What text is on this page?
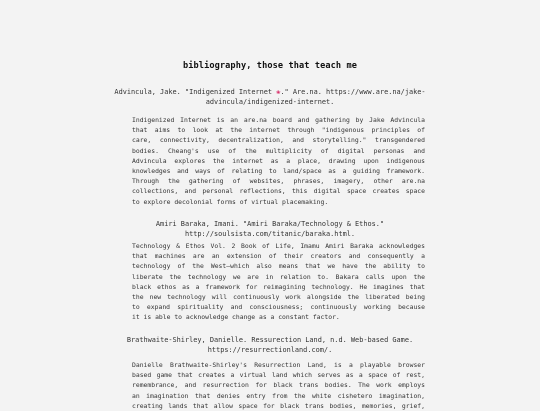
bibliography, those that teach me
Advincula, Jake. "Indigenized Internet ❀." Are.na. https://www.are.na/jake-
advincula/indigenized-internet.
Indigenized Internet is an are.na board and gathering by Jake Advincula
that aims to look at the internet through "indigenous principles of
care, connectivity, decentralization, and storytelling." transgendered
bodies. Cheang's use of the multiplicity of digital personas and
Advincula explores the internet as a place, drawing upon indigenous
knowledges and ways of relating to land/space as a guiding framework.
Through the gathering of websites, phrases, imagery, other are.na
collections, and personal reflections, this digital space creates space
to explore decolonial forms of virtual placemaking.
Amiri Baraka, Imani. "Amiri Baraka/Technology & Ethos."
http://soulsista.com/titanic/baraka.html.
Technology & Ethos Vol. 2 Book of Life, Imamu Amiri Baraka acknowledges
that machines are an extension of their creators and consequently a
technology of the West—which also means that we have the ability to
liberate the technology we are in relation to. Bakara calls upon the
black ethos as a framework for reimagining technology. He imagines that
the new technology will continuously work alongside the liberated being
to expand spirituality and consciousness; continuously working because
it is able to acknowledge change as a constant factor.
Brathwaite-Shirley, Danielle. Ressurection Land, n.d. Web-based Game.
https://resurrectionland.com/.
Danielle Brathwaite-Shirley's Resurrection Land, is a playable browser
based game that creates a virtual land which serves as a space of rest,
remembrance, and resurrection for black trans bodies. The work employs
an imagination that denies entry from the white cishetero imagination,
creating lands that allow space for black trans bodies, memories, grief,
